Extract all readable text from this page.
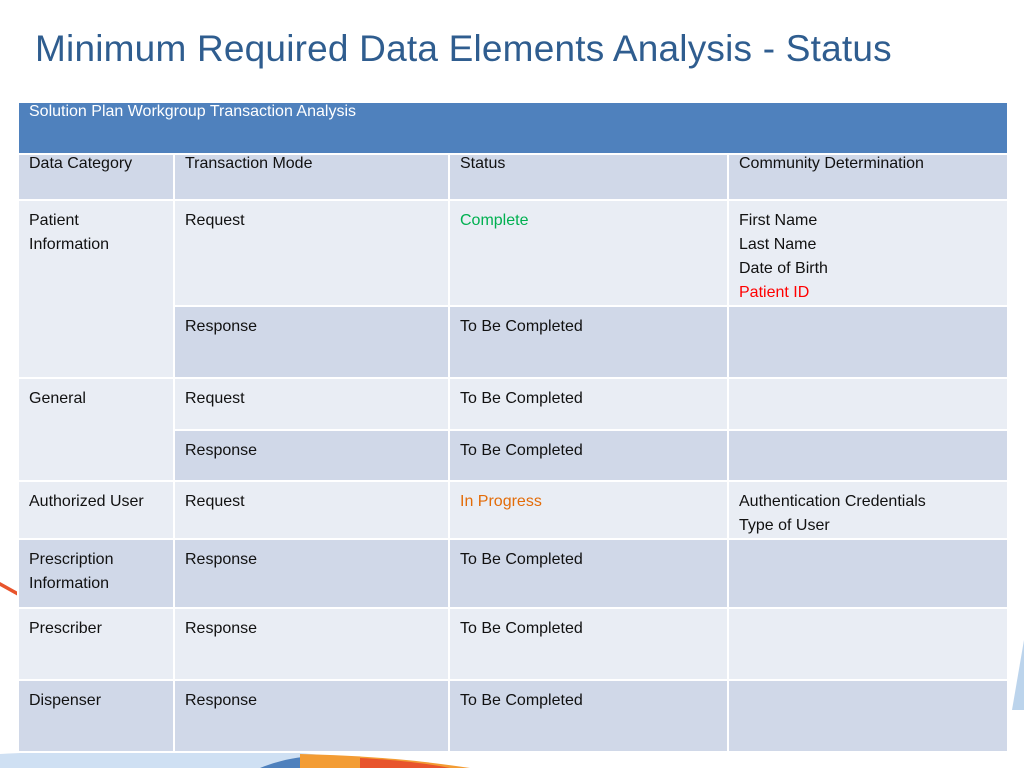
Minimum Required Data Elements Analysis - Status
Solution Plan Workgroup Transaction Analysis			
Data Category	Transaction Mode	Status	Community Determination
Patient Information	Request	Complete	First Name
Last Name
Date of Birth
Patient ID

	Response	To Be Completed	
General	Request	To Be Completed	
	Response	To Be Completed	
Authorized User	Request	In Progress	Authentication Credentials
Type of User

Prescription Information	Response	To Be Completed	
Prescriber	Response	To Be Completed	
Dispenser	Response	To Be Completed	
